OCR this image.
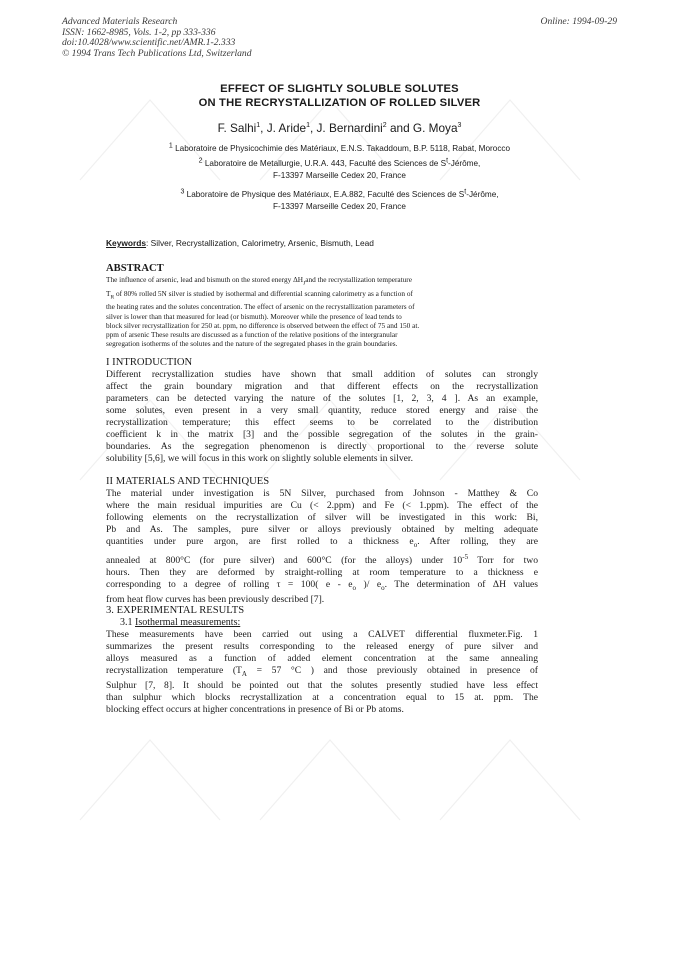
Advanced Materials Research
ISSN: 1662-8985, Vols. 1-2, pp 333-336
doi:10.4028/www.scientific.net/AMR.1-2.333
© 1994 Trans Tech Publications Ltd, Switzerland
Online: 1994-09-29
EFFECT OF SLIGHTLY SOLUBLE SOLUTES
ON THE RECRYSTALLIZATION OF ROLLED SILVER
F. Salhi$^1$, J. Aride$^1$, J. Bernardini$^2$ and G. Moya$^3$
$^1$ Laboratoire de Physicochimie des Matériaux, E.N.S. Takaddoum, B.P. 5118, Rabat, Morocco
$^2$ Laboratoire de Metallurgie, U.R.A. 443, Faculté des Sciences de $S^t$-Jérôme,
F-13397 Marseille Cedex 20, France
$^3$ Laboratoire de Physique des Matériaux, E.A.882, Faculté des Sciences de $S^t$-Jérôme,
F-13397 Marseille Cedex 20, France
Keywords: Silver, Recrystallization, Calorimetry, Arsenic, Bismuth, Lead
ABSTRACT
The influence of arsenic, lead and bismuth on the stored energy $\Delta H_Jand$ the recrystallization temperature
$T_R$ of 80% rolled 5N silver is studied by isothermal and differential scanning calorimetry as a function of
the heating rates and the solutes concentration. The effect of arsenic on the recrystallization parameters of
silver is lower than that measured for lead (or bismuth). Moreover while the presence of lead tends to
block silver recrystallization for 250 at. ppm, no difference is observed between the effect of 75 and 150 at.
ppm of arsenic These results are discussed as a function of the relative positions of the intergranular
segregation isotherms of the solutes and the nature of the segregated phases in the grain boundaries.
I INTRODUCTION
Different recrystallization studies have shown that small addition of solutes can strongly
affect the grain boundary migration and that different effects on the recrystallization
parameters can be detected varying the nature of the solutes [1, 2, 3, 4 ]. As an example,
some solutes, even present in a very small quantity, reduce stored energy and raise the
recrystallization temperature; this effect seems to be correlated to the distribution
coefficient k in the matrix [3] and the possible segregation of the solutes in the grain-
boundaries. As the segregation phenomenon is directly proportional to the reverse solute
solubility [5,6], we will focus in this work on slightly soluble elements in silver.
II MATERIALS AND TECHNIQUES
The material under investigation is 5N Silver, purchased from Johnson - Matthey & Co
where the main residual impurities are Cu (< 2.ppm) and Fe (< 1.ppm). The effect of the
following elements on the recrystallization of silver will be investigated in this work: Bi,
Pb and As. The samples, pure silver or alloys previously obtained by melting adequate
quantities under pure argon, are first rolled to a thickness $e_o$. After rolling, they are
annealed at 800°C (for pure silver) and 600°C (for the alloys) under $10^{-5}$ Torr for two
hours. Then they are deformed by straight-rolling at room temperature to a thickness e
corresponding to a degree of rolling τ = 100( e - $e_o$ )/ $e_o$. The determination of ΔH values
from heat flow curves has been previously described [7].
3. EXPERIMENTAL RESULTS
3.1 Isothermal measurements:
These measurements have been carried out using a CALVET differential fluxmeter.Fig. 1
summarizes the present results corresponding to the released energy of pure silver and
alloys measured as a function of added element concentration at the same annealing
recrystallization temperature ($T_A = 57$ °C ) and those previously obtained in presence of
Sulphur [7, 8]. It should be pointed out that the solutes presently studied have less effect
than sulphur which blocks recrystallization at a concentration equal to 15 at. ppm. The
blocking effect occurs at higher concentrations in presence of Bi or Pb atoms.
